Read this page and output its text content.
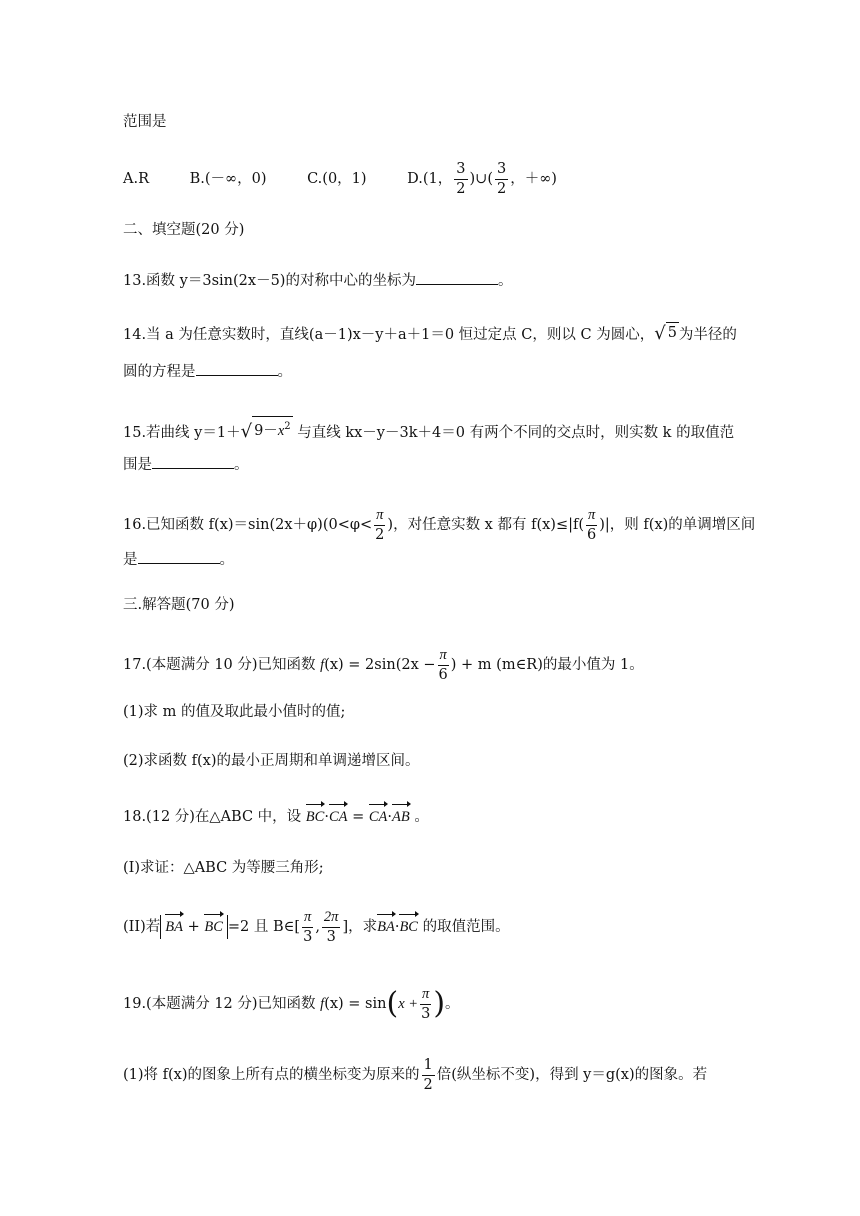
范围是
A.R	B.(－∞，0)	C.(0，1)	D.(1， $\frac{3}{2}$ )∪( $\frac{3}{2}$ ，＋∞)
二、填空题(20 分)
13.函数 y＝3sin(2x－5)的对称中心的坐标为	。
14.当 a 为任意实数时，直线(a－1)x－y＋a＋1＝0 恒过定点 C，则以 C 为圆心， √ 5 为半径的
圆的方程是	。
15.若曲线 y＝1＋ √ $9-x^2$ 与直线 kx－y－3k＋4＝0 有两个不同的交点时，则实数 k 的取值范
围是	。
16.已知函数 $f(x)=\sin(2x+\varphi)(0<\varphi< \frac{\pi}{2}$ )，对任意实数 x 都有 $f(x)\le|f( \frac{\pi}{6}$ )|，则 f(x)的单调增区间
是	。
三.解答题(70 分)
17.(本题满分 10 分)已知函数 $f(x) = 2\sin(2x - \frac{\pi}{6}$ ) + m (m∈R)的最小值为 1。
(1)求 m 的值及取此最小值时的值;
(2)求函数 f(x)的最小正周期和单调递增区间。
18.(12 分)在△ABC 中，设 BC·CA = CA·AB 。
(I)求证：△ABC 为等腰三角形;
(II)若 BA + BC =2 且 B∈[ $\frac{\pi}{3}$ , $\frac{2\pi}{3}$ ]，求BA·BC 的取值范围。
19.(本题满分 12 分)已知函数 $f(x) = \sin(x + \frac{\pi}{3}$ )。
(1)将 f(x)的图象上所有点的横坐标变为原来的 $\frac{1}{2}$ 倍(纵坐标不变)，得到 y＝g(x)的图象。若
